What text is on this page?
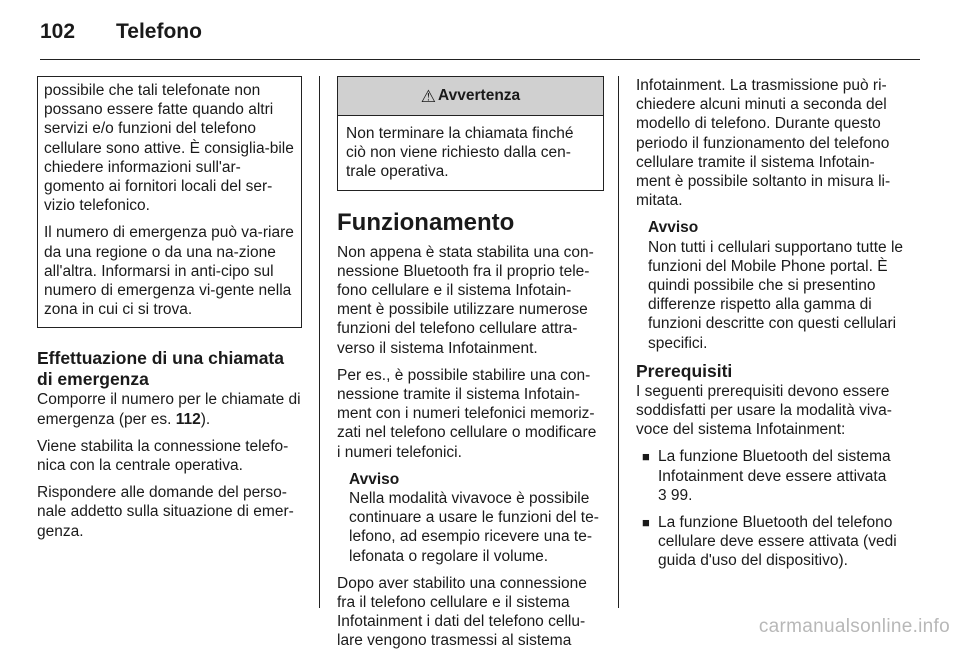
102 Telefono

possibile che tali telefonate non possano essere fatte quando altri servizi e/o funzioni del telefono cellulare sono attive. È consiglia-bile chiedere informazioni sull'ar-gomento ai fornitori locali del ser-vizio telefonico.

Il numero di emergenza può va-riare da una regione o da una na-zione all'altra. Informarsi in anti-cipo sul numero di emergenza vi-gente nella zona in cui ci si trova.

Effettuazione di una chiamata di emergenza

Comporre il numero per le chiamate di emergenza (per es. 112).

Viene stabilita la connessione telefo-nica con la centrale operativa.

Rispondere alle domande del perso-nale addetto sulla situazione di emer-genza.

⚠ Avvertenza

Non terminare la chiamata finché ciò non viene richiesto dalla cen-trale operativa.

Funzionamento

Non appena è stata stabilita una con-nessione Bluetooth fra il proprio tele-fono cellulare e il sistema Infotain-ment è possibile utilizzare numerose funzioni del telefono cellulare attra-verso il sistema Infotainment.

Per es., è possibile stabilire una con-nessione tramite il sistema Infotain-ment con i numeri telefonici memoriz-zati nel telefono cellulare o modificare i numeri telefonici.

Avviso
Nella modalità vivavoce è possibile continuare a usare le funzioni del te-lefono, ad esempio ricevere una te-lefonata o regolare il volume.

Dopo aver stabilito una connessione fra il telefono cellulare e il sistema Infotainment i dati del telefono cellu-lare vengono trasmessi al sistema

Infotainment. La trasmissione può ri-chiedere alcuni minuti a seconda del modello di telefono. Durante questo periodo il funzionamento del telefono cellulare tramite il sistema Infotain-ment è possibile soltanto in misura li-mitata.

Avviso
Non tutti i cellulari supportano tutte le funzioni del Mobile Phone portal. È quindi possibile che si presentino differenze rispetto alla gamma di funzioni descritte con questi cellulari specifici.
Prerequisiti

I seguenti prerequisiti devono essere soddisfatti per usare la modalità viva-voce del sistema Infotainment:

■ La funzione Bluetooth del sistema Infotainment deve essere attivata
3 99.
■ La funzione Bluetooth del telefono cellulare deve essere attivata (vedi guida d'uso del dispositivo).
carmanualsonline.info
